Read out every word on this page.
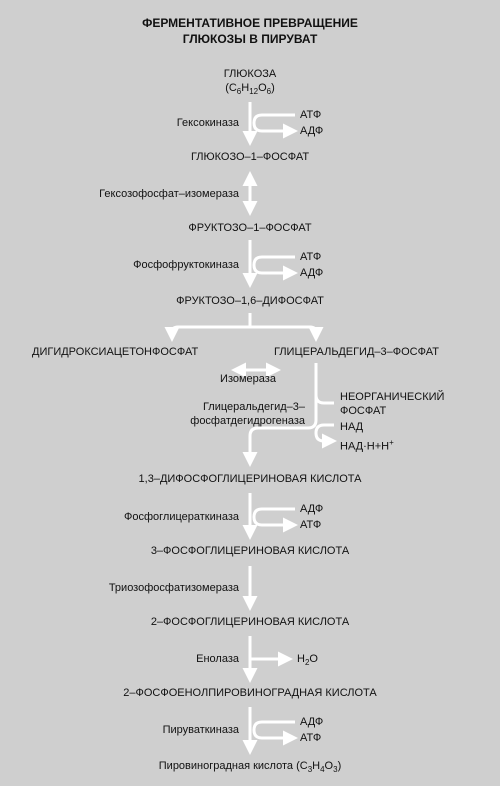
ФЕРМЕНТАТИВНОЕ ПРЕВРАЩЕНИЕ
ГЛЮКОЗЫ В ПИРУВАТ
ГЛЮКОЗА
$(C_6H_{12}O_6)$
Гексокиназа
АТФ
АДФ
ГЛЮКОЗО–1–ФОСФАТ
Гексозофосфат–изомераза
ФРУКТОЗО–1–ФОСФАТ
Фосфофруктокиназа
АТФ
АДФ
ФРУКТОЗО–1,6–ДИФОСФАТ
ДИГИДРОКСИАЦЕТОНФОСФАТ	ГЛИЦЕРАЛЬДЕГИД–3–ФОСФАТ
Изомераза
Глицеральдегид–3–
фосфатдегидрогеназа
НЕОРГАНИЧЕСКИЙ
ФОСФАТ
НАД
НАД·Н+Н+
1,3–ДИФОСФОГЛИЦЕРИНОВАЯ КИСЛОТА
Фосфоглицераткиназа
АДФ
АТФ
3–ФОСФОГЛИЦЕРИНОВАЯ КИСЛОТА
Триозофосфатизомераза
2–ФОСФОГЛИЦЕРИНОВАЯ КИСЛОТА
Енолаза	$H_2O$
2–ФОСФОЕНОЛПИРОВИНОГРАДНАЯ КИСЛОТА
Пируваткиназа
АДФ
АТФ
Пировиноградная кислота $(C_3H_4O_3)$
